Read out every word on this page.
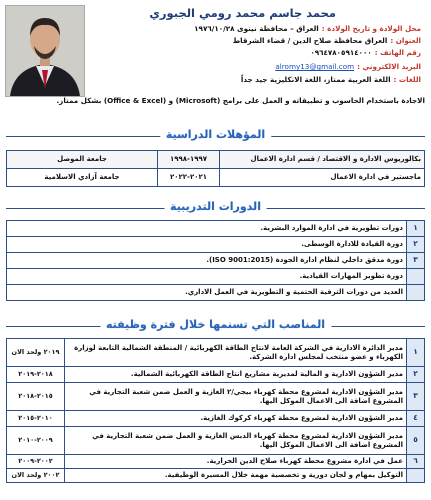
محمد جاسم محمد رومي الجبوري
محل الولادة و تاريخ الولادة :العراق – محافظة نينوى ١٩٧٦/١٠/٢٨
العنوان :العراق محافظة صلاح الدين / قضاء الشرقاط
رقم الهاتف :٠٩٦٤٧٨٠٥٩١٤٠٠٠
البريد الالكتروني :alromy13@gmail.com
اللغات :اللغة العربية ممتاز، اللغة الانكليزية جيد جداً
الاجادة باستخدام الحاسوب و تطبيقاته و العمل على برامج (Microsoft) و (Office & Excel) بشكل ممتاز.
المؤهلات الدراسية
بكالوريوس الادارة و الاقتصاد / قسم ادارة الاعمال	١٩٩٧-١٩٩٨	جامعة الموصل
ماجستير في ادارة الاعمال	٢٠٢١-٢٠٢٢	جامعة آزادي الاسلامية
الدورات التدريبية
١	دورات تطويرية في ادارة الموارد البشرية.
٢	دورة القيادة للادارة الوسطى.
٣	دورة مدقق داخلي لنظام ادارة الجودة (ISO 9001:2015).
	دورة تطوير المهارات القيادية.
	العديد من دورات الترقية الحتمية و التطويرية في العمل الاداري.
المناصب التي تسنمها خلال فترة وظيفته
١	مدير الدائرة الادارية في الشركة العامة لانتاج الطاقة الكهربائية / المنطقة الشمالية التابعة لوزارة الكهرباء و عضو منتخب لمجلس ادارة الشركة.	٢٠١٩ ولحد الان
٢	مدير الشؤون الادارية و المالية لمديرية مشاريع انتاج الطاقة الكهربائية الشمالية.	٢٠١٨-٢٠١٩
٣	مدير الشؤون الادارية لمشروع محطة كهرباء بيجي/٢ الغازية و العمل ضمن شعبة التجارية في المشروع اضافة الى الاعمال الموكل اليها.	٢٠١٥-٢٠١٨
٤	مدير الشؤون الادارية لمشروع محطة كهرباء كركوك الغازية.	٢٠١٠-٢٠١٥
٥	مدير الشؤون الادارية لمشروع محطة كهرباء الدبس الغازية و العمل ضمن شعبة التجارية في المشروع اضافة الى الاعمال الموكل اليها.	٢٠٠٩-٢٠١٠
٦	عمل في ادارة مشروع محطة كهرباء صلاح الدين الحرارية.	٢٠٠٢-٢٠٠٩
	التوكيل بمهام و لجان دورية و تخصصية مهمة خلال المسيرة الوظيفية.	٢٠٠٢ ولحد الان
